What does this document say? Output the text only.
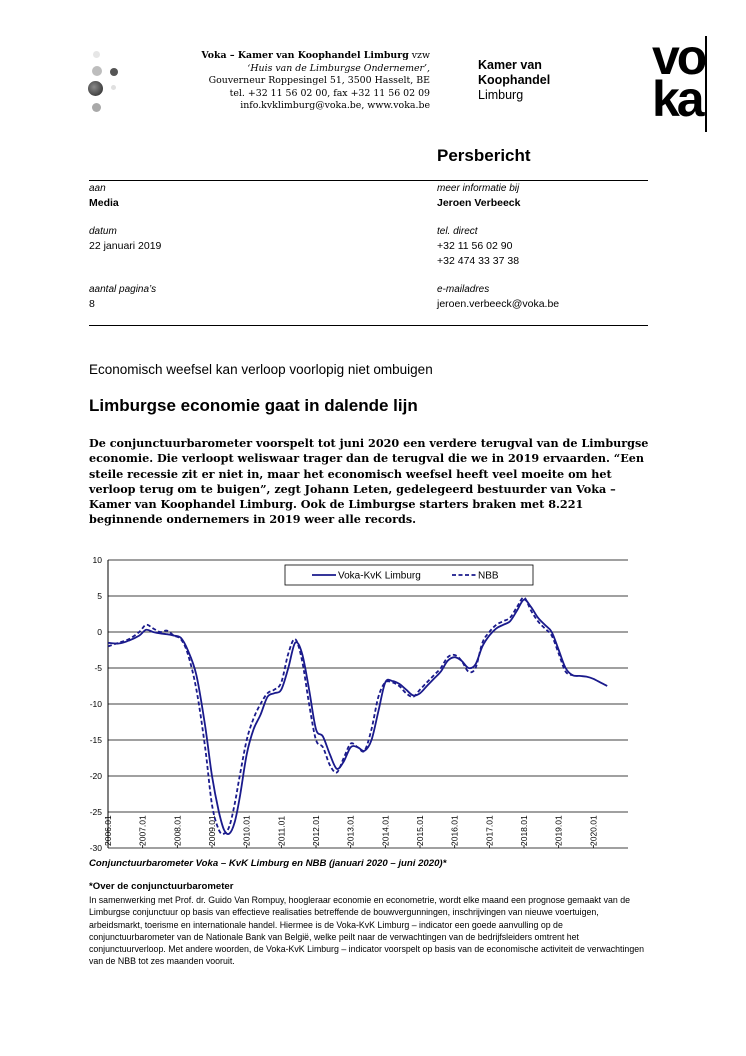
Voka – Kamer van Koophandel Limburg vzw
‘Huis van de Limburgse Ondernemer’,
Gouverneur Roppesingel 51, 3500 Hasselt, BE
tel. +32 11 56 02 00, fax +32 11 56 02 09
info.kvklimburg@voka.be, www.voka.be
Kamer van
Koophandel
Limburg
vo
ka
Persbericht
aan
Media
meer informatie bij
Jeroen Verbeeck
datum
22 januari 2019
tel. direct
+32 11 56 02 90
+32 474 33 37 38
aantal pagina’s
8
e-mailadres
jeroen.verbeeck@voka.be
Economisch weefsel kan verloop voorlopig niet ombuigen
Limburgse economie gaat in dalende lijn
De conjunctuurbarometer voorspelt tot juni 2020 een verdere terugval van de Limburgse economie. Die verloopt weliswaar trager dan de terugval die we in 2019 ervaarden. “Een steile recessie zit er niet in, maar het economisch weefsel heeft veel moeite om het verloop terug om te buigen”, zegt Johann Leten, gedelegeerd bestuurder van Voka – Kamer van Koophandel Limburg. Ook de Limburgse starters braken met 8.221 beginnende ondernemers in 2019 weer alle records.
10
5
0
-5
-10
-15
-20
-25
-30
2006.01	2007.01	2008.01	2009.01	2010.01	2011.01	2012.01	2013.01	2014.01	2015.01	2016.01	2017.01	2018.01	2019.01	2020.01
Voka-KvK Limburg	NBB
Conjunctuurbarometer Voka – KvK Limburg en NBB (januari 2020 – juni 2020)*
*Over de conjunctuurbarometer
In samenwerking met Prof. dr. Guido Van Rompuy, hoogleraar economie en econometrie, wordt elke maand een prognose gemaakt van de Limburgse conjunctuur op basis van effectieve realisaties betreffende de bouwvergunningen, inschrijvingen van nieuwe voertuigen, arbeidsmarkt, toerisme en internationale handel. Hiermee is de Voka-KvK Limburg – indicator een goede aanvulling op de conjunctuurbarometer van de Nationale Bank van België, welke peilt naar de verwachtingen van de bedrijfsleiders omtrent het conjunctuurverloop. Met andere woorden, de Voka-KvK Limburg – indicator voorspelt op basis van de economische activiteit de verwachtingen van de NBB tot zes maanden vooruit.
